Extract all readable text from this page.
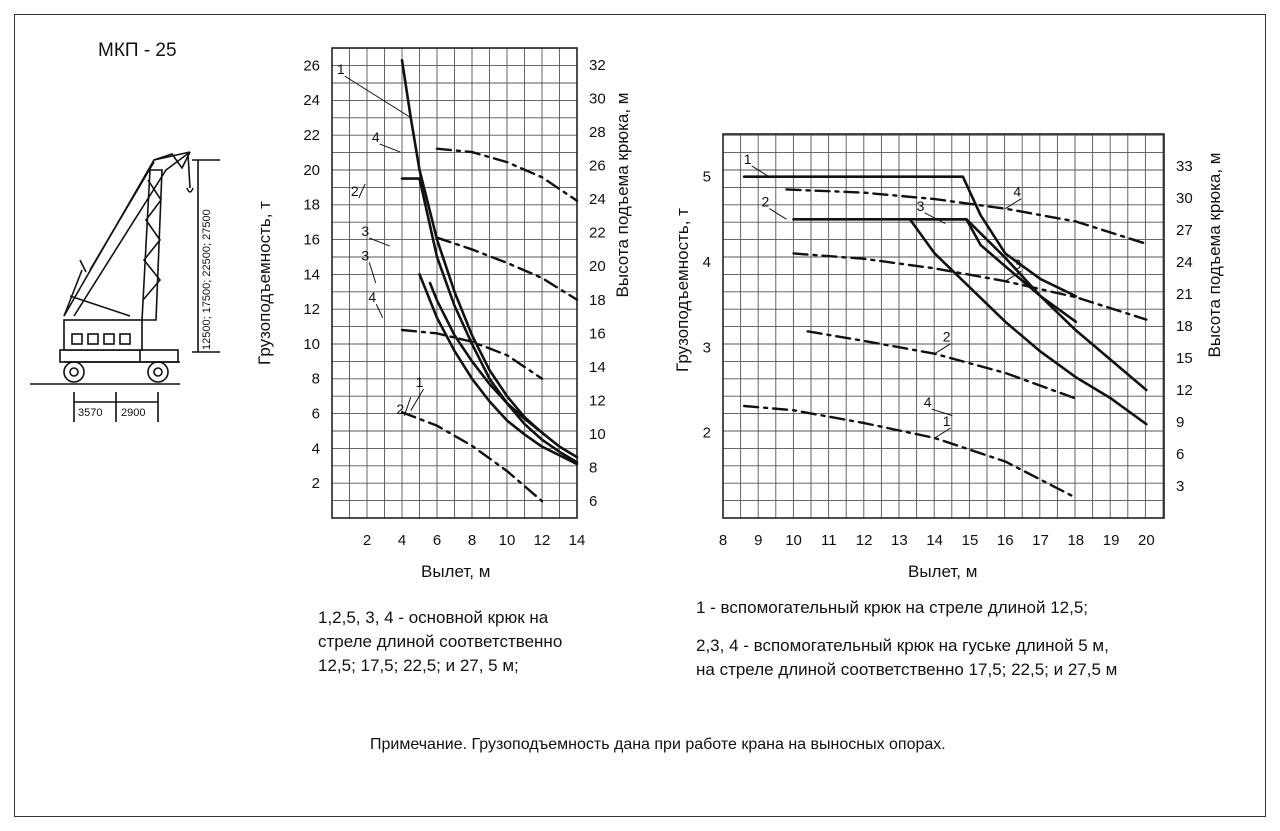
МКП - 25
3570 2900
12500; 17500; 22500; 27500
2 4 6 8 10 12 14
2
4
6
8
10
12
14
16
18
20
22
24
26
6
8
10
12
14
16
18
20
22
24
26
28
30
32
Вылет, м
Грузоподъемность, т	Высота подъема крюка, м
1
2
3
4
1
2
3
4
8 9 10 11 12 13 14 15 16 17 18 19 20
2
3
4
5
3
6
9
12
15
18
21
24
27
30
33
Вылет, м
Грузоподъемность, т	Высота подъема крюка, м
1
2	3
4
1
2
3
4
1,2,5, 3, 4 - основной крюк на
стреле длиной соответственно
12,5; 17,5; 22,5; и 27, 5 м;
1 - вспомогательный крюк на стреле длиной 12,5;
2,3, 4 - вспомогательный крюк на гуське длиной 5 м,
на стреле длиной соответственно 17,5; 22,5; и 27,5 м
Примечание. Грузоподъемность дана при работе крана на выносных опорах.
